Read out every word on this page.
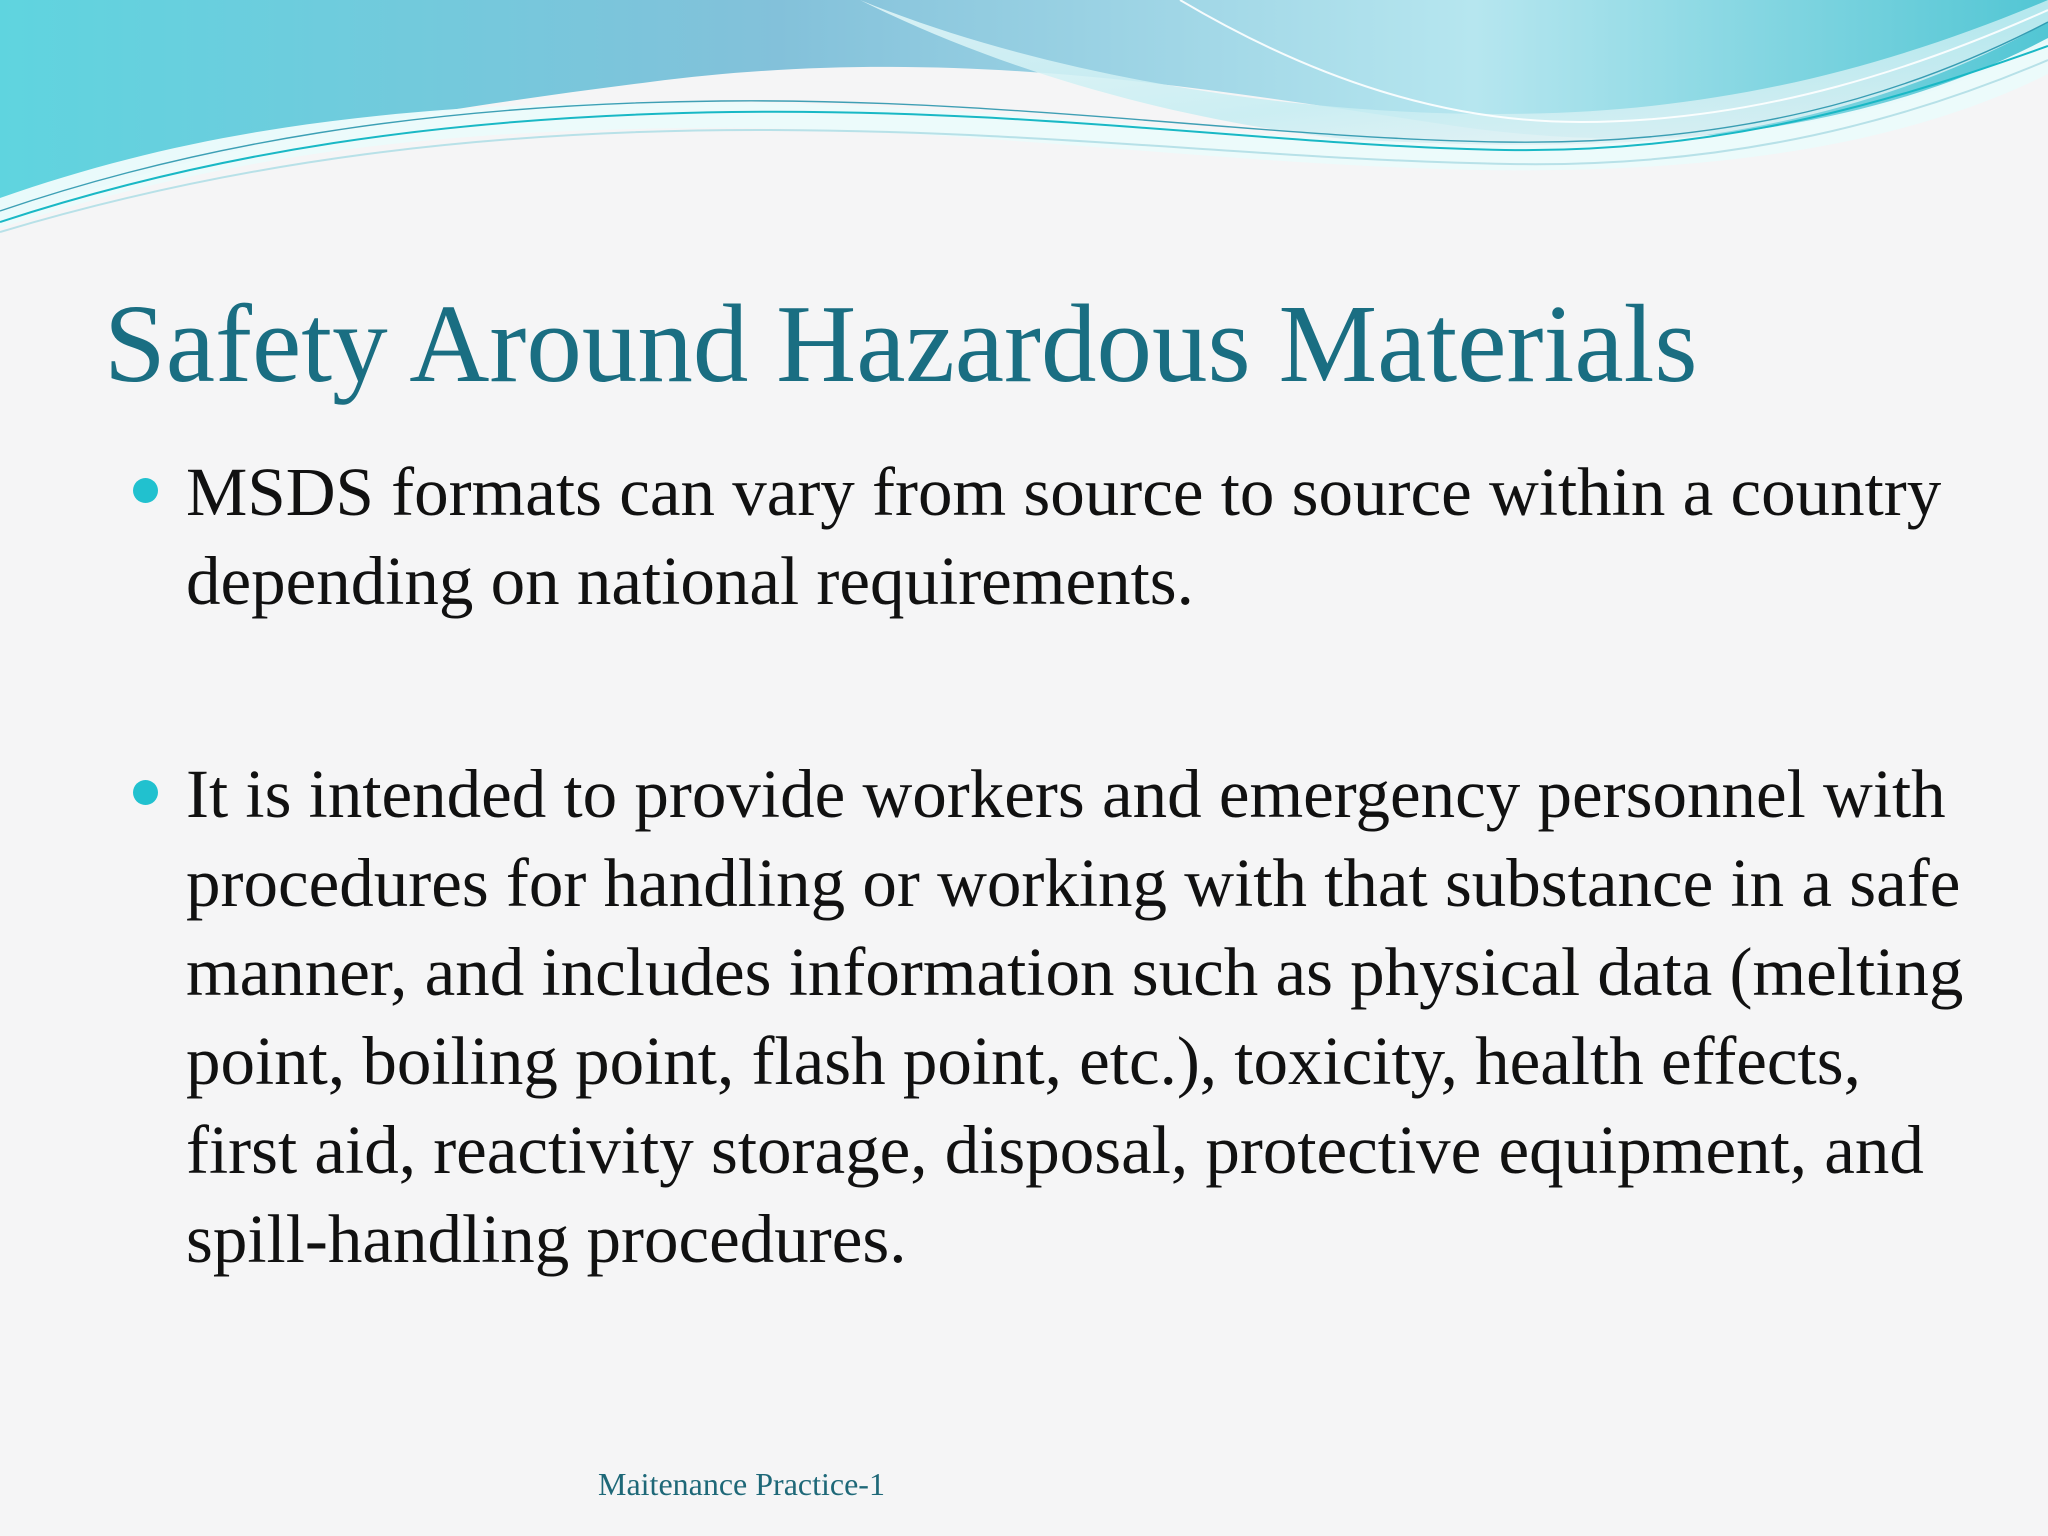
Safety Around Hazardous Materials
MSDS formats can vary from source to source within a country depending on national requirements.
It is intended to provide workers and emergency personnel with procedures for handling or working with that substance in a safe manner, and includes information such as physical data (melting point, boiling point, flash point, etc.), toxicity, health effects, first aid, reactivity storage, disposal, protective equipment, and spill-handling procedures.
Maitenance Practice-1
